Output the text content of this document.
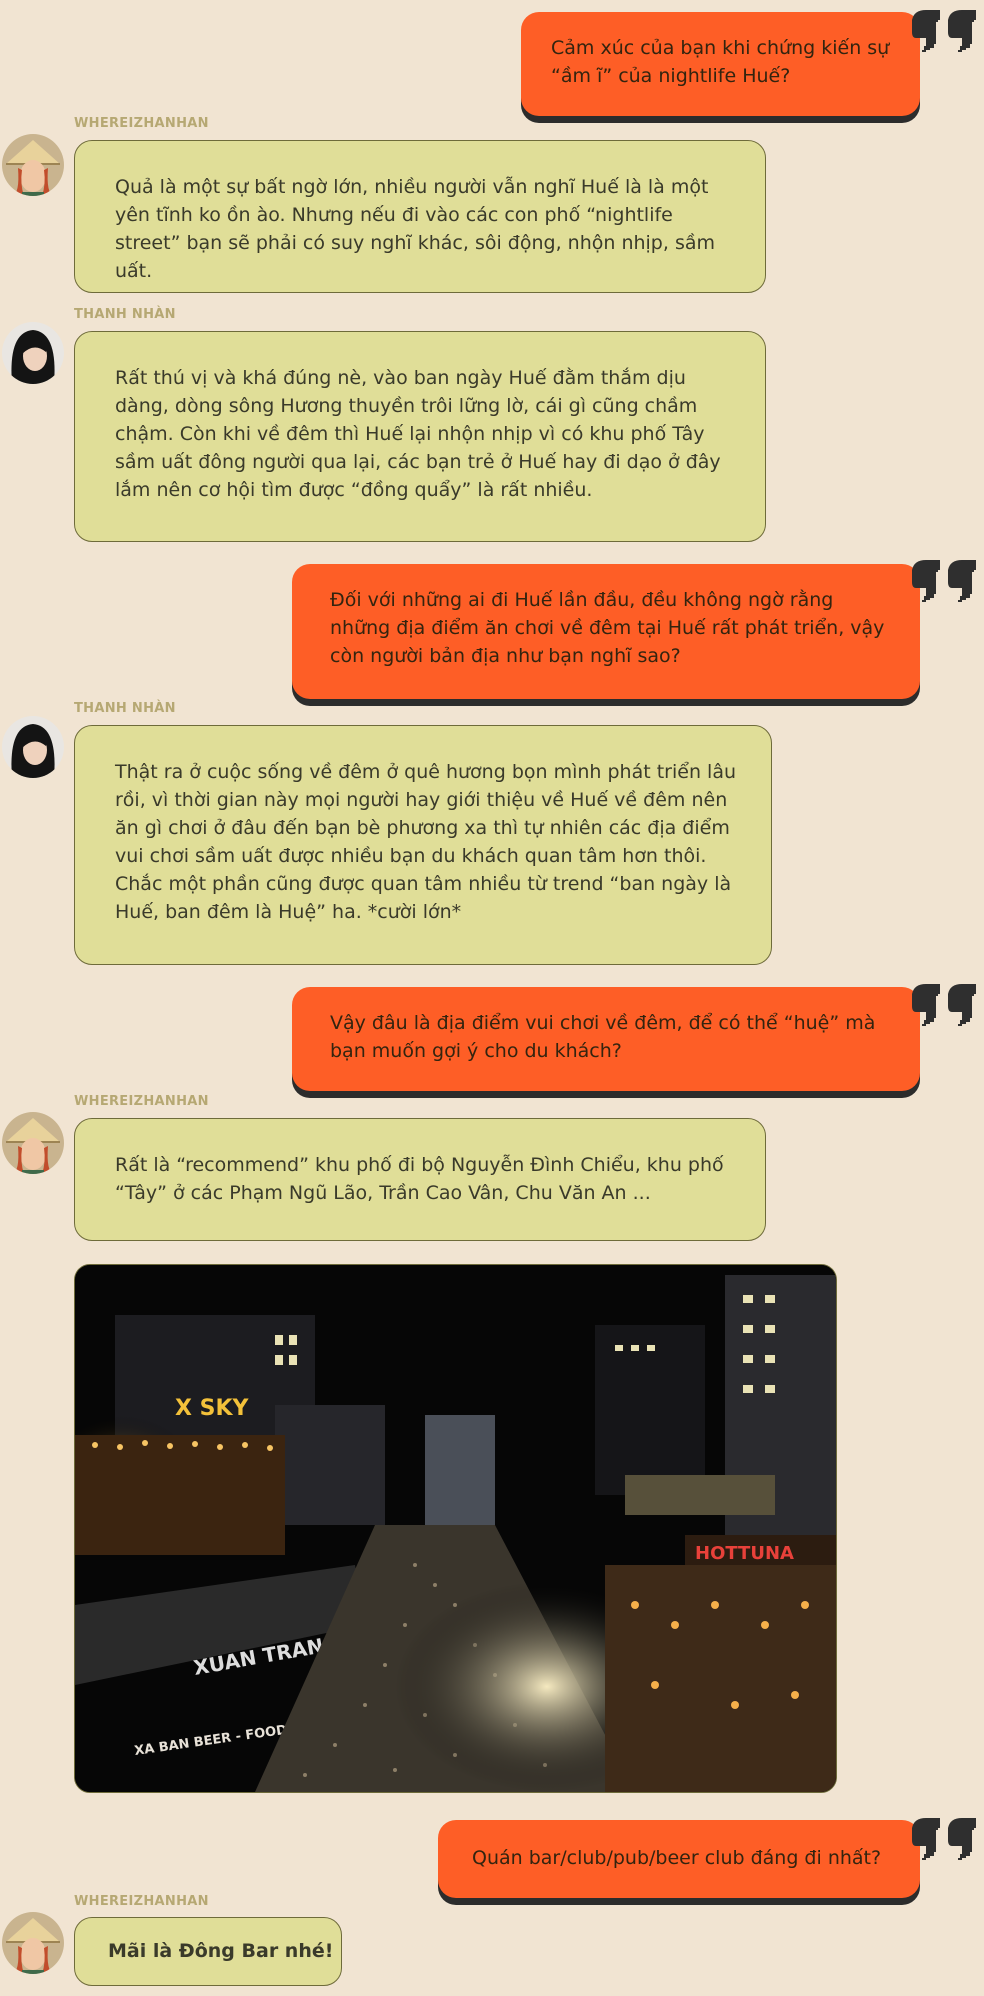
Cảm xúc của bạn khi chứng kiến sự “ầm ĩ” của nightlife Huế?

WHEREIZHANHAN

Quả là một sự bất ngờ lớn, nhiều người vẫn nghĩ Huế là là một yên tĩnh ko ồn ào. Nhưng nếu đi vào các con phố “nightlife street” bạn sẽ phải có suy nghĩ khác, sôi động, nhộn nhịp, sầm uất.

THANH NHÀN

Rất thú vị và khá đúng nè, vào ban ngày Huế đằm thắm dịu dàng, dòng sông Hương thuyền trôi lững lờ, cái gì cũng chầm chậm. Còn khi về đêm thì Huế lại nhộn nhịp vì có khu phố Tây sầm uất đông người qua lại, các bạn trẻ ở Huế hay đi dạo ở đây lắm nên cơ hội tìm được “đồng quẩy” là rất nhiều.

Đối với những ai đi Huế lần đầu, đều không ngờ rằng những địa điểm ăn chơi về đêm tại Huế rất phát triển, vậy còn người bản địa như bạn nghĩ sao?

THANH NHÀN

Thật ra ở cuộc sống về đêm ở quê hương bọn mình phát triển lâu rồi, vì thời gian này mọi người hay giới thiệu về Huế về đêm nên ăn gì chơi ở đâu đến bạn bè phương xa thì tự nhiên các địa điểm vui chơi sầm uất được nhiều bạn du khách quan tâm hơn thôi. Chắc một phần cũng được quan tâm nhiều từ trend “ban ngày là Huế, ban đêm là Huệ” ha. *cười lớn*

Vậy đâu là địa điểm vui chơi về đêm, để có thể “huệ” mà bạn muốn gợi ý cho du khách?

WHEREIZHANHAN

Rất là “recommend” khu phố đi bộ Nguyễn Đình Chiểu, khu phố “Tây” ở các Phạm Ngũ Lão, Trần Cao Vân, Chu Văn An ...

HOTTUNA

Quán bar/club/pub/beer club đáng đi nhất?

WHEREIZHANHAN

Mãi là Đông Bar nhé!
